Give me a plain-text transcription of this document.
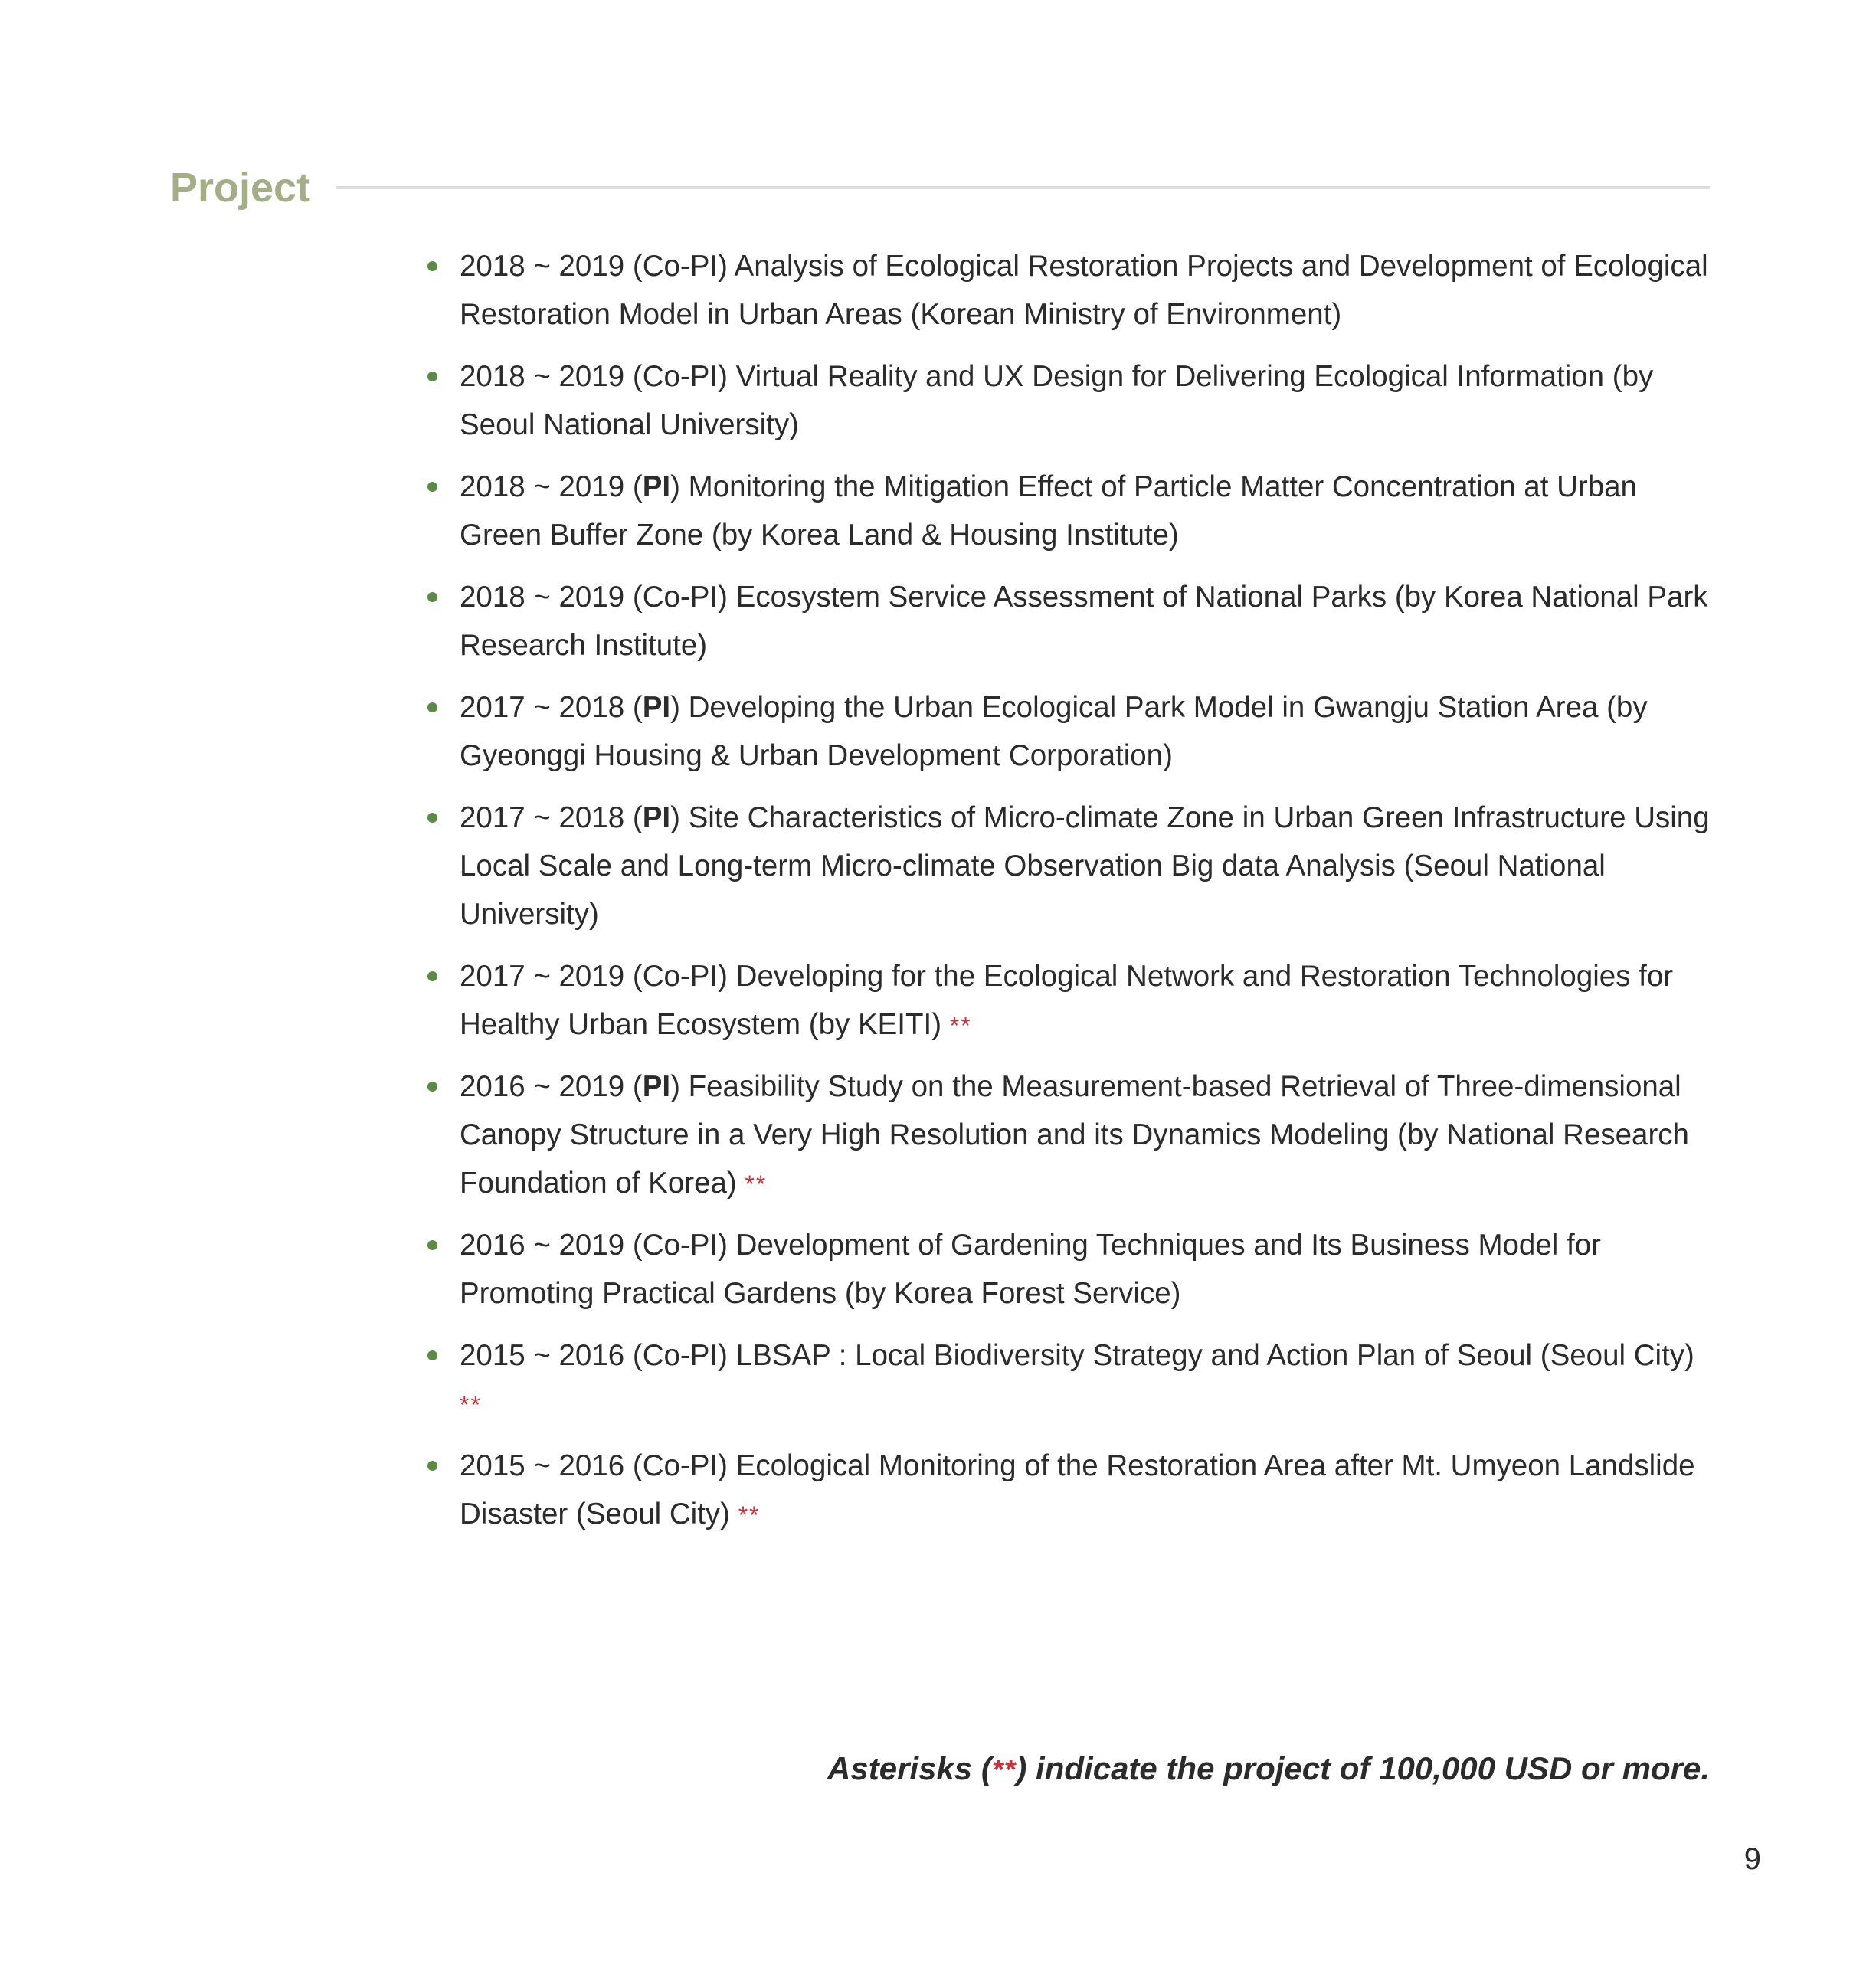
Project
2018 ~ 2019 (Co-PI) Analysis of Ecological Restoration Projects and Development of Ecological Restoration Model in Urban Areas (Korean Ministry of Environment)
2018 ~ 2019 (Co-PI) Virtual Reality and UX Design for Delivering Ecological Information (by Seoul National University)
2018 ~ 2019 (PI) Monitoring the Mitigation Effect of Particle Matter Concentration at Urban Green Buffer Zone (by Korea Land & Housing Institute)
2018 ~ 2019 (Co-PI) Ecosystem Service Assessment of National Parks (by Korea National Park Research Institute)
2017 ~ 2018 (PI) Developing the Urban Ecological Park Model in Gwangju Station Area (by Gyeonggi Housing & Urban Development Corporation)
2017 ~ 2018 (PI) Site Characteristics of Micro-climate Zone in Urban Green Infrastructure Using Local Scale and Long-term Micro-climate Observation Big data Analysis (Seoul National University)
2017 ~ 2019 (Co-PI) Developing for the Ecological Network and Restoration Technologies for Healthy Urban Ecosystem (by KEITI) **
2016 ~ 2019 (PI) Feasibility Study on the Measurement-based Retrieval of Three-dimensional Canopy Structure in a Very High Resolution and its Dynamics Modeling (by National Research Foundation of Korea) **
2016 ~ 2019 (Co-PI) Development of Gardening Techniques and Its Business Model for Promoting Practical Gardens (by Korea Forest Service)
2015 ~ 2016 (Co-PI) LBSAP : Local Biodiversity Strategy and Action Plan of Seoul (Seoul City) **
2015 ~ 2016 (Co-PI) Ecological Monitoring of the Restoration Area after Mt. Umyeon Landslide Disaster (Seoul City) **
Asterisks (**) indicate the project of 100,000 USD or more.
9
